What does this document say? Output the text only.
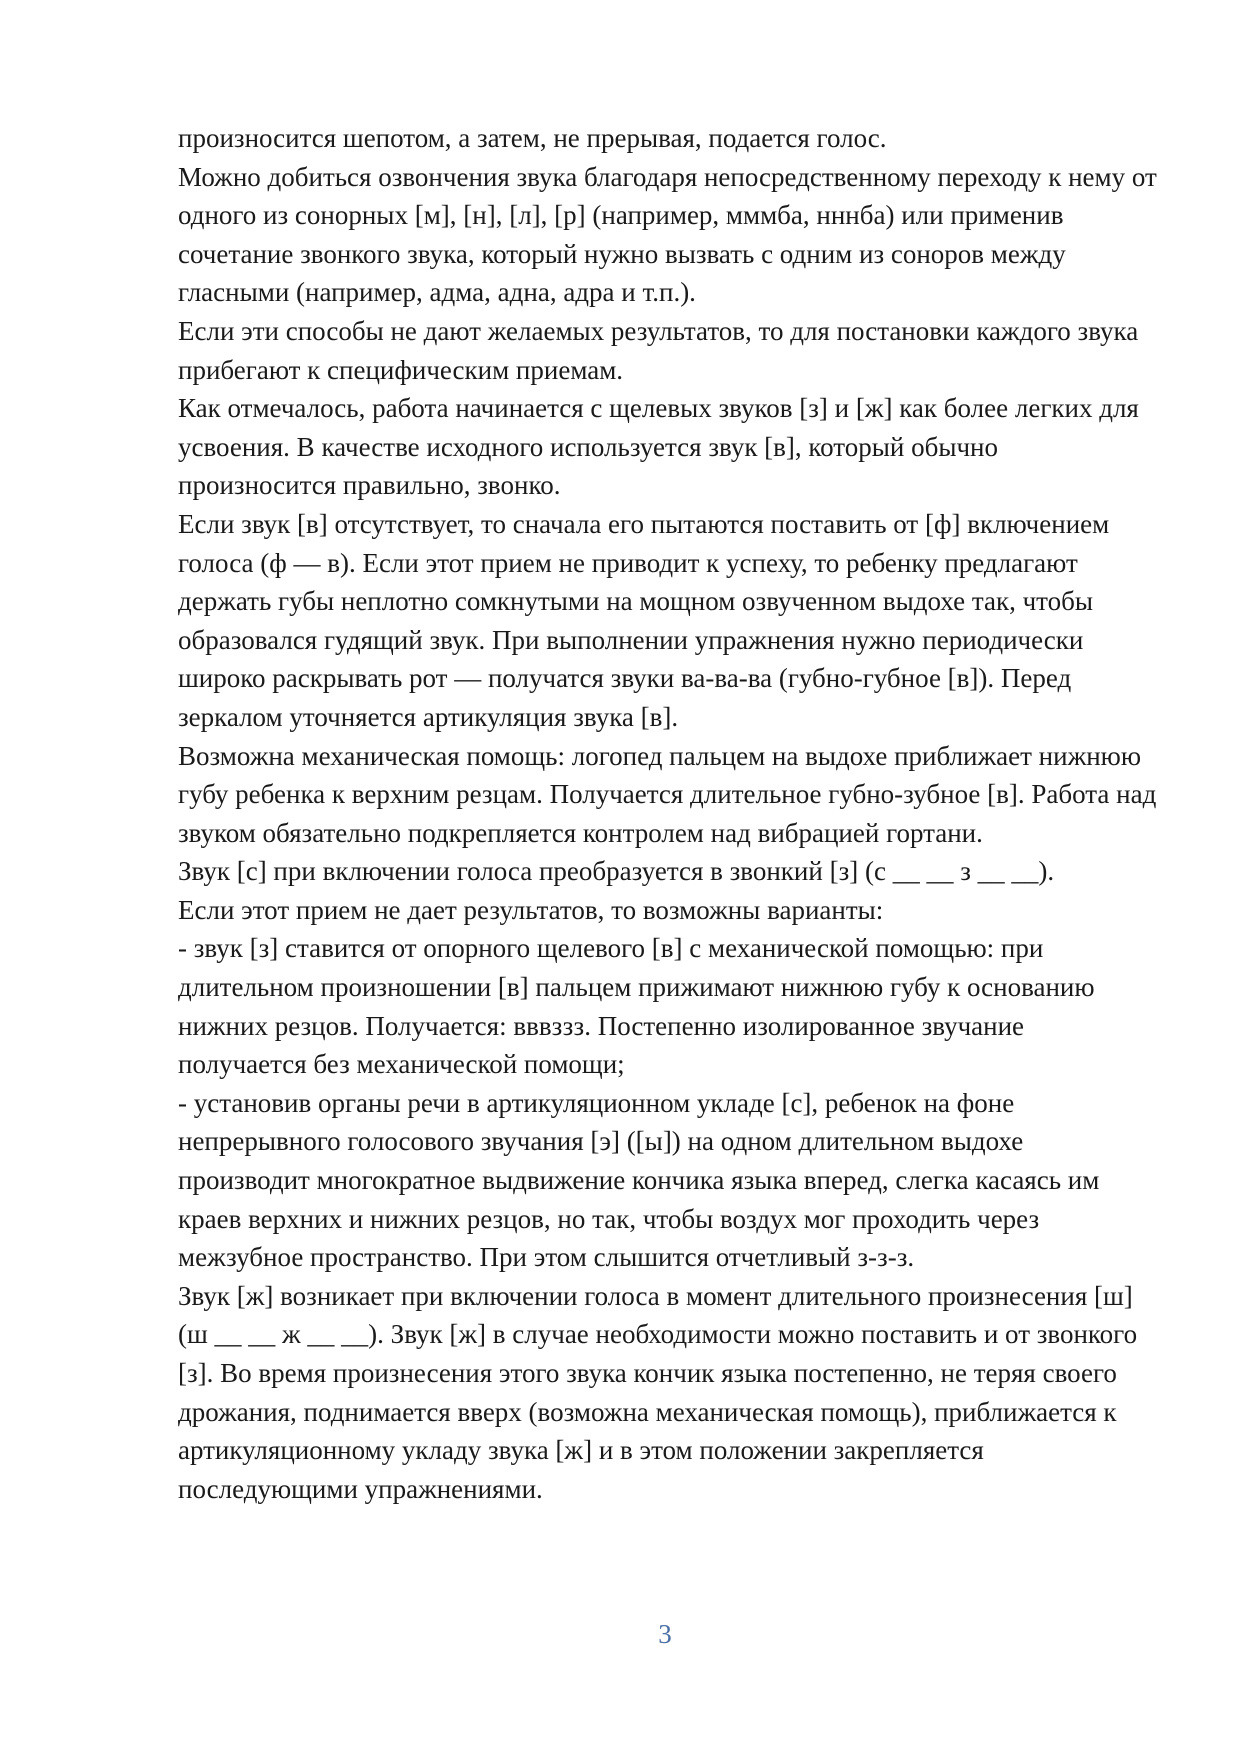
произносится шепотом, а затем, не прерывая, подается голос.

Можно добиться озвончения звука благодаря непосредственному переходу к нему от одного из сонорных [м], [н], [л], [р] (например, мммба, нннба) или применив сочетание звонкого звука, который нужно вызвать с одним из соноров между гласными (например, адма, адна, адра и т.п.).

Если эти способы не дают желаемых результатов, то для постановки каждого звука прибегают к специфическим приемам.

Как отмечалось, работа начинается с щелевых звуков [з] и [ж] как более легких для усвоения. В качестве исходного используется звук [в], который обычно произносится правильно, звонко.

Если звук [в] отсутствует, то сначала его пытаются поставить от [ф] включением голоса (ф — в). Если этот прием не приводит к успеху, то ребенку предлагают держать губы неплотно сомкнутыми на мощном озвученном выдохе так, чтобы образовался гудящий звук. При выполнении упражнения нужно периодически широко раскрывать рот — получатся звуки ва-ва-ва (губно-губное [в]). Перед зеркалом уточняется артикуляция звука [в].

Возможна механическая помощь: логопед пальцем на выдохе приближает нижнюю губу ребенка к верхним резцам. Получается длительное губно-зубное [в]. Работа над звуком обязательно подкрепляется контролем над вибрацией гортани.

Звук [с] при включении голоса преобразуется в звонкий [з] (с __ __ з __ __).

Если этот прием не дает результатов, то возможны варианты:

- звук [з] ставится от опорного щелевого [в] с механической помощью: при длительном произношении [в] пальцем прижимают нижнюю губу к основанию нижних резцов. Получается: вввззз. Постепенно изолированное звучание получается без механической помощи;

- установив органы речи в артикуляционном укладе [с], ребенок на фоне непрерывного голосового звучания [э] ([ы]) на одном длительном выдохе производит многократное выдвижение кончика языка вперед, слегка касаясь им краев верхних и нижних резцов, но так, чтобы воздух мог проходить через межзубное пространство. При этом слышится отчетливый з-з-з.

Звук [ж] возникает при включении голоса в момент длительного произнесения [ш] (ш __ __ ж __ __). Звук [ж] в случае необходимости можно поставить и от звонкого [з]. Во время произнесения этого звука кончик языка постепенно, не теряя своего дрожания, поднимается вверх (возможна механическая помощь), приближается к артикуляционному укладу звука [ж] и в этом положении закрепляется последующими упражнениями.

3
